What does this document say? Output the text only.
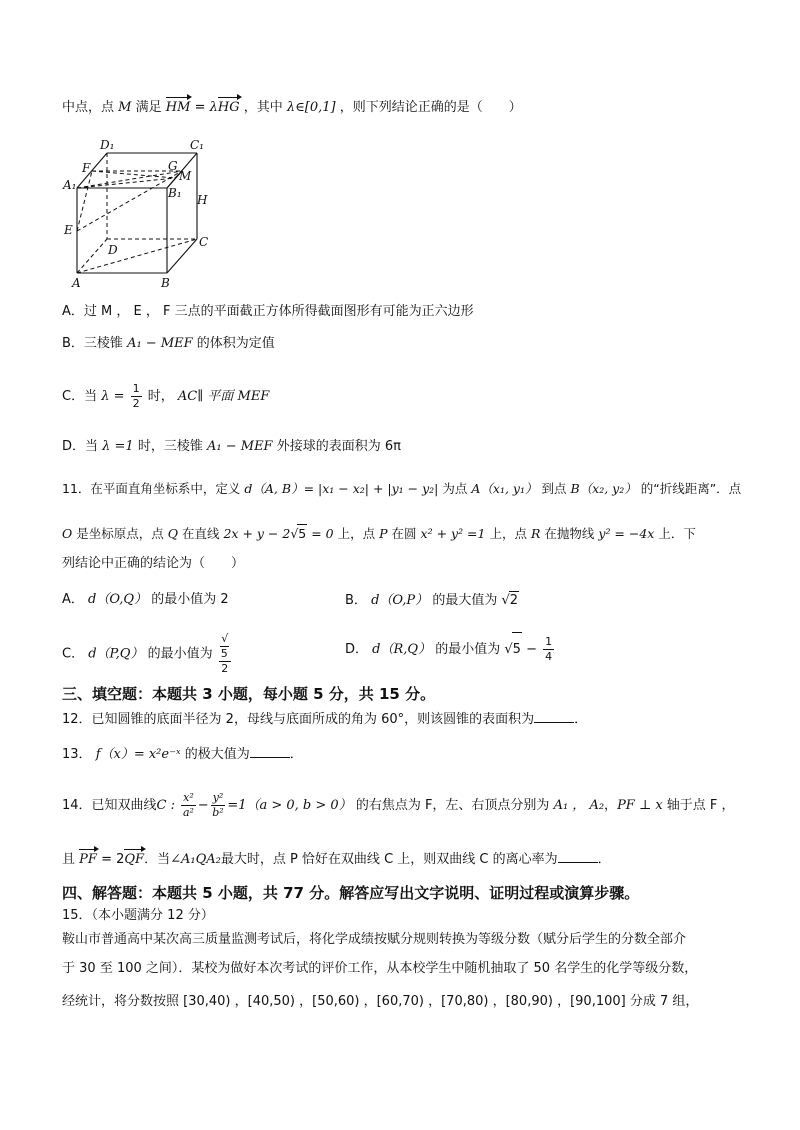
中点，点 M 满足 HM = λHG ，其中 λ∈[0,1] ，则下列结论正确的是（　　）
D₁	C₁
F	G
M
A₁
B₁ H
E
D
C
A	B
A．过 M ， E ， F 三点的平面截正方体所得截面图形有可能为正六边形
B．三棱锥 A₁ − MEF 的体积为定值
C．当 $\lambda = \frac{1}{2}$ 时， AC∥ 平面 MEF
D．当 λ =1 时，三棱锥 A₁ − MEF 外接球的表面积为 6π
11．在平面直角坐标系中，定义 d（A, B）= |x₁ − x₂| + |y₁ − y₂| 为点 A（x₁, y₁） 到点 B（x₂, y₂） 的“折线距离”．点
O 是坐标原点，点 Q 在直线 2x + y − 2√5 = 0 上，点 P 在圆 x² + y² =1 上，点 R 在抛物线 y² = −4x 上．下
列结论中正确的结论为（　　）
A． d（O,Q） 的最小值为 2	B． d（O,P） 的最大值为 √2
C． d（P,Q） 的最小值为 √
5
2	D． d（R,Q） 的最小值为 $√5 - \frac{1}{4}$
三、填空题：本题共 3 小题，每小题 5 分，共 15 分。
12．已知圆锥的底面半径为 2，母线与底面所成的角为 60°，则该圆锥的表面积为	．
13． f（x）= x²e⁻ˣ 的极大值为	．
14．已知双曲线C : $\frac{\text{x²}}{\text{a²}} - \frac{\text{y²}}{\text{b²}} =1(a > 0$, b > 0） 的右焦点为 F，左、右顶点分别为 A₁ ， A₂，PF ⊥ x 轴于点 F ，
且 PF = 2QF．当∠A₁QA₂最大时，点 P 恰好在双曲线 C 上，则双曲线 C 的离心率为	．
四、解答题：本题共 5 小题，共 77 分。解答应写出文字说明、证明过程或演算步骤。
15．（本小题满分 12 分）
鞍山市普通高中某次高三质量监测考试后，将化学成绩按赋分规则转换为等级分数（赋分后学生的分数全部介
于 30 至 100 之间）．某校为做好本次考试的评价工作，从本校学生中随机抽取了 50 名学生的化学等级分数，
经统计，将分数按照 [30,40) ，[40,50) ，[50,60) ，[60,70) ，[70,80) ，[80,90) ，[90,100] 分成 7 组，
